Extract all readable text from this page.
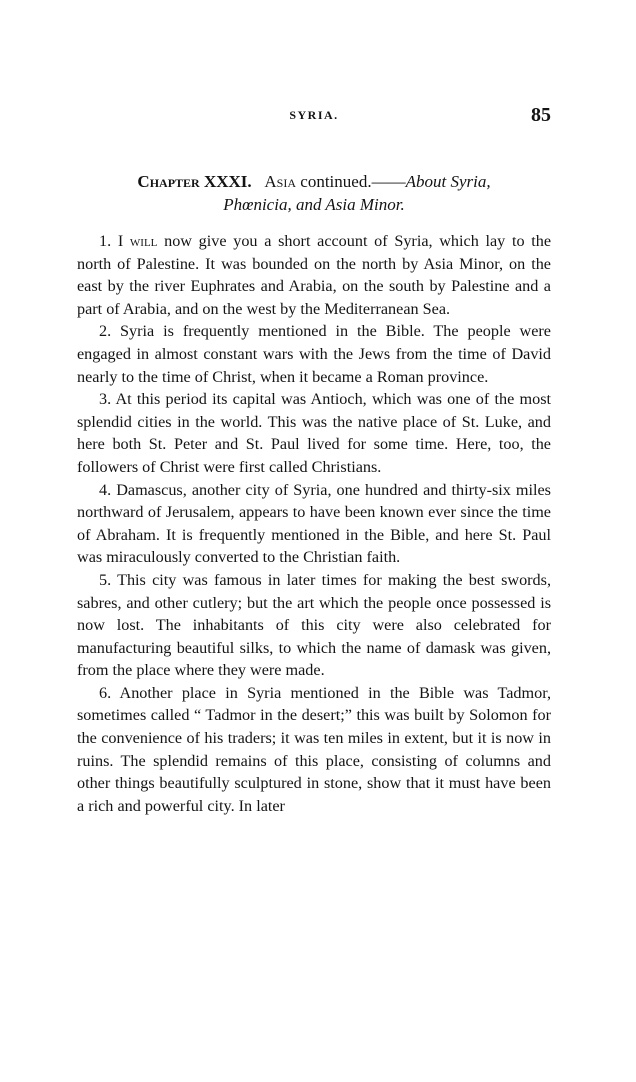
SYRIA.	85
Chapter XXXI. Asia continued.——About Syria,
Phœnicia, and Asia Minor.

1. I will now give you a short account of Syria, which lay to the north of Palestine. It was bounded on the north by Asia Minor, on the east by the river Euphrates and Arabia, on the south by Palestine and a part of Arabia, and on the west by the Mediterranean Sea.

2. Syria is frequently mentioned in the Bible. The people were engaged in almost constant wars with the Jews from the time of David nearly to the time of Christ, when it became a Roman province.

3. At this period its capital was Antioch, which was one of the most splendid cities in the world. This was the native place of St. Luke, and here both St. Peter and St. Paul lived for some time. Here, too, the followers of Christ were first called Christians.

4. Damascus, another city of Syria, one hundred and thirty-six miles northward of Jerusalem, appears to have been known ever since the time of Abraham. It is frequently mentioned in the Bible, and here St. Paul was miraculously converted to the Christian faith.

5. This city was famous in later times for making the best swords, sabres, and other cutlery; but the art which the people once possessed is now lost. The inhabitants of this city were also celebrated for manufacturing beautiful silks, to which the name of damask was given, from the place where they were made.

6. Another place in Syria mentioned in the Bible was Tadmor, sometimes called “ Tadmor in the desert;” this was built by Solomon for the convenience of his traders; it was ten miles in extent, but it is now in ruins. The splendid remains of this place, consisting of columns and other things beautifully sculptured in stone, show that it must have been a rich and powerful city. In later
